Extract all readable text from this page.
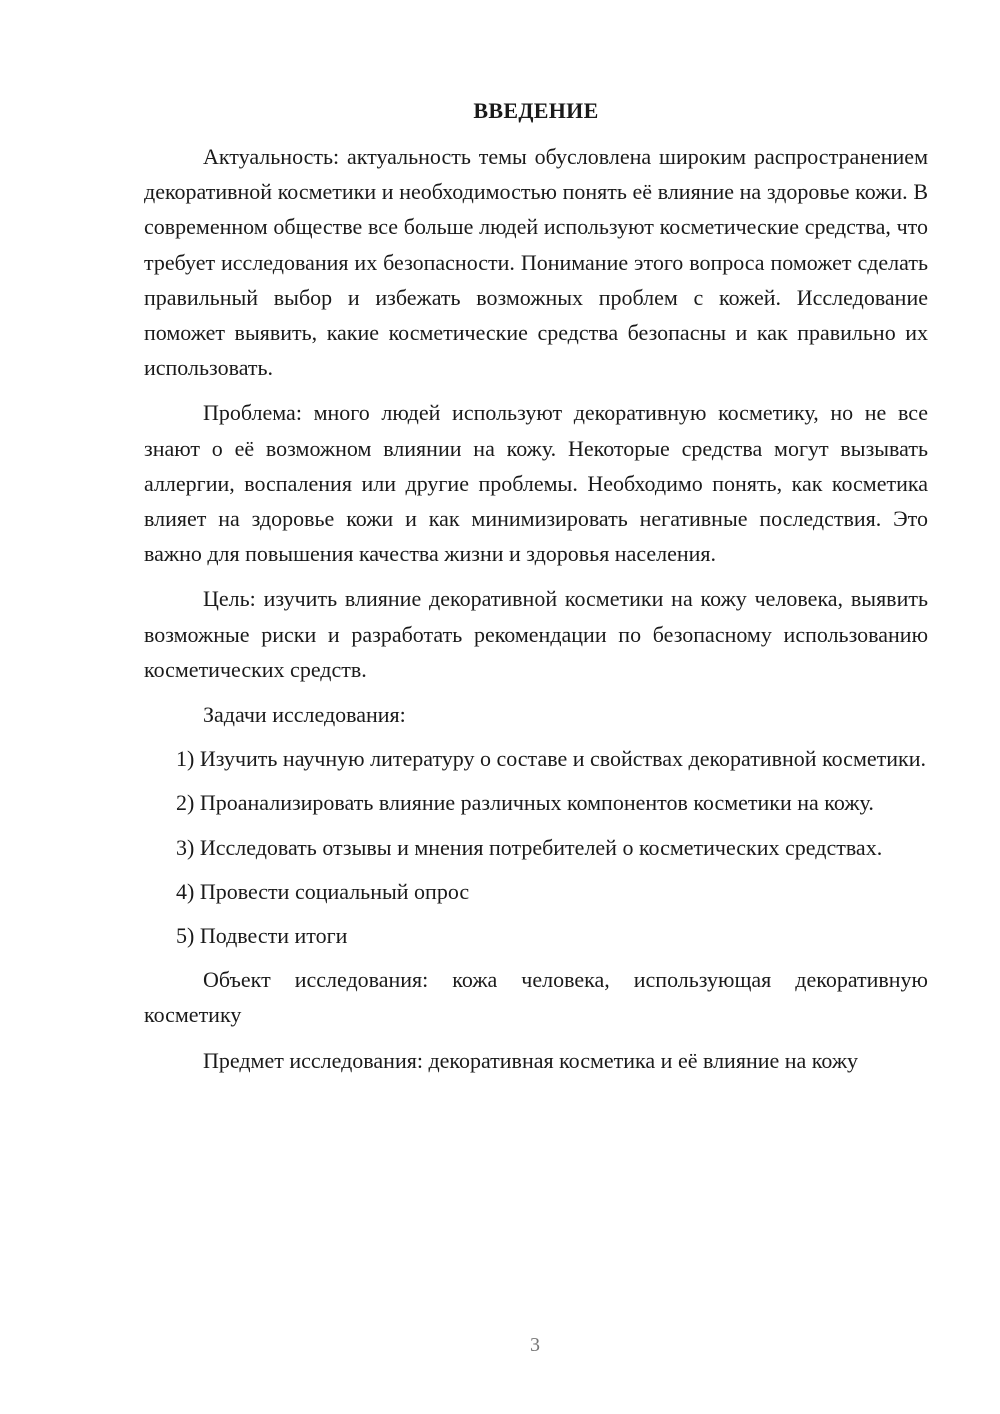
ВВЕДЕНИЕ

Актуальность: актуальность темы обусловлена широким распространением декоративной косметики и необходимостью понять её влияние на здоровье кожи. В современном обществе все больше людей используют косметические средства, что требует исследования их безопасности. Понимание этого вопроса поможет сделать правильный выбор и избежать возможных проблем с кожей. Исследование поможет выявить, какие косметические средства безопасны и как правильно их использовать.

Проблема: много людей используют декоративную косметику, но не все знают о её возможном влиянии на кожу. Некоторые средства могут вызывать аллергии, воспаления или другие проблемы. Необходимо понять, как косметика влияет на здоровье кожи и как минимизировать негативные последствия. Это важно для повышения качества жизни и здоровья населения.

Цель: изучить влияние декоративной косметики на кожу человека, выявить возможные риски и разработать рекомендации по безопасному использованию косметических средств.

Задачи исследования:

1) Изучить научную литературу о составе и свойствах декоративной косметики.

2) Проанализировать влияние различных компонентов косметики на кожу.

3) Исследовать отзывы и мнения потребителей о косметических средствах.

4) Провести социальный опрос

5) Подвести итоги

Объект исследования: кожа человека, использующая декоративную косметику

Предмет исследования: декоративная косметика и её влияние на кожу

3
